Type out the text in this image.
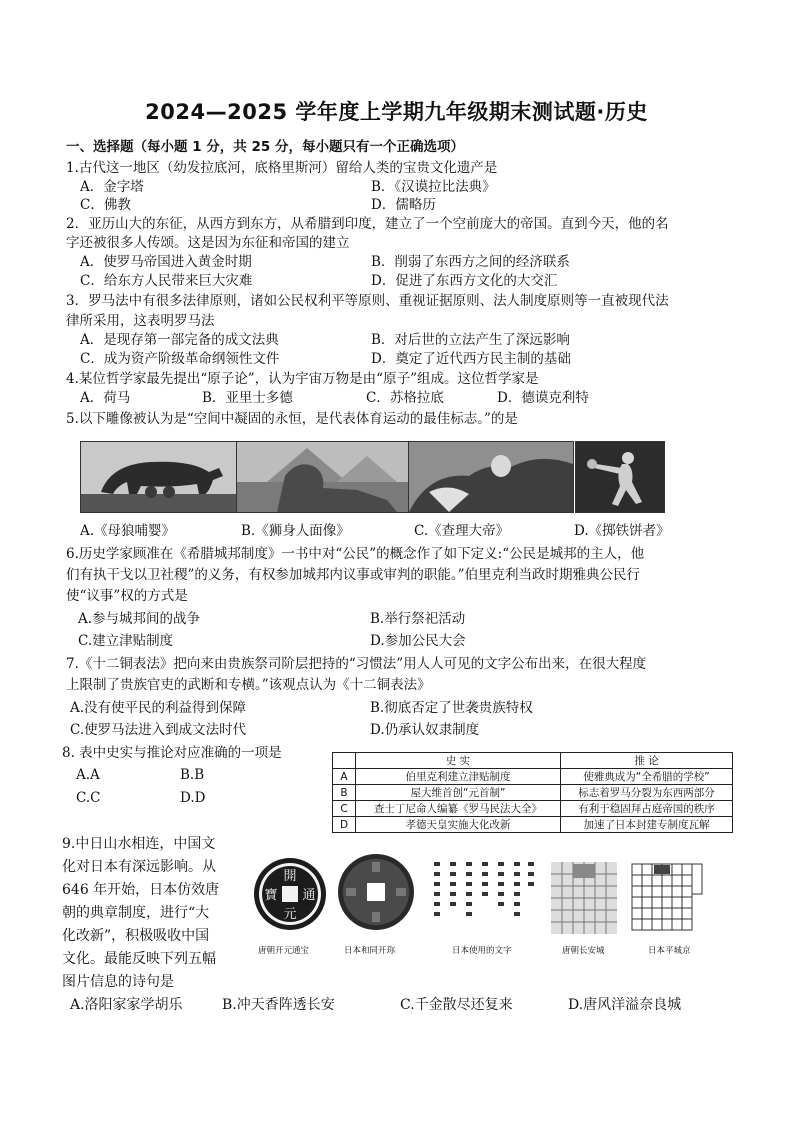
2024—2025 学年度上学期九年级期末测试题·历史
一、选择题（每小题 1 分，共 25 分，每小题只有一个正确选项）
1.古代这一地区（幼发拉底河，底格里斯河）留给人类的宝贵文化遗产是
A．金字塔	B．《汉谟拉比法典》
C．佛教	D．儒略历
2．亚历山大的东征，从西方到东方，从希腊到印度，建立了一个空前庞大的帝国。直到今天，他的名
字还被很多人传颂。这是因为东征和帝国的建立
A．使罗马帝国进入黄金时期	B．削弱了东西方之间的经济联系
C．给东方人民带来巨大灾难	D．促进了东西方文化的大交汇
3．罗马法中有很多法律原则，诸如公民权利平等原则、重视证据原则、法人制度原则等一直被现代法
律所采用，这表明罗马法
A．是现存第一部完备的成文法典	B．对后世的立法产生了深远影响
C．成为资产阶级革命纲领性文件	D．奠定了近代西方民主制的基础
4.某位哲学家最先提出“原子论”，认为宇宙万物是由“原子”组成。这位哲学家是
A．荷马	B．亚里士多德	C．苏格拉底	D．德谟克利特
5.以下雕像被认为是“空间中凝固的永恒，是代表体育运动的最佳标志。”的是
A.《母狼哺婴》	B.《狮身人面像》	C.《查理大帝》	D.《掷铁饼者》
6.历史学家顾准在《希腊城邦制度》一书中对“公民”的概念作了如下定义:“公民是城邦的主人，他
们有执干戈以卫社稷”的义务，有权参加城邦内议事或审判的职能。”伯里克利当政时期雅典公民行
使“议事”权的方式是
A.参与城邦间的战争	B.举行祭祀活动
C.建立津贴制度	D.参加公民大会
7.《十二铜表法》把向来由贵族祭司阶层把持的“习惯法”用人人可见的文字公布出来，在很大程度
上限制了贵族官吏的武断和专横。”该观点认为《十二铜表法》
A.没有使平民的利益得到保障	B.彻底否定了世袭贵族特权
C.使罗马法进入到成文法时代	D.仍承认奴隶制度
8. 表中史实与推论对应准确的一项是
A.A	B.B
C.C	D.D
	史 实	推 论
A	伯里克利建立津贴制度	使雅典成为“全希腊的学校”
B	屋大维首创“元首制”	标志着罗马分裂为东西两部分
C	查士丁尼命人编纂《罗马民法大全》	有利于稳固拜占庭帝国的秩序
D	孝德天皇实施大化改新	加速了日本封建专制度瓦解
9.中日山水相连，中国文
化对日本有深远影响。从
646 年开始，日本仿效唐
朝的典章制度，进行“大
化改新”，积极吸收中国
文化。最能反映下列五幅
图片信息的诗句是
開
元
通
寶
唐朝开元通宝	日本和同开珎	日本使用的文字	唐朝长安城	日本平城京
A.洛阳家家学胡乐	B.冲天香阵透长安	C.千金散尽还复来	D.唐风洋溢奈良城
